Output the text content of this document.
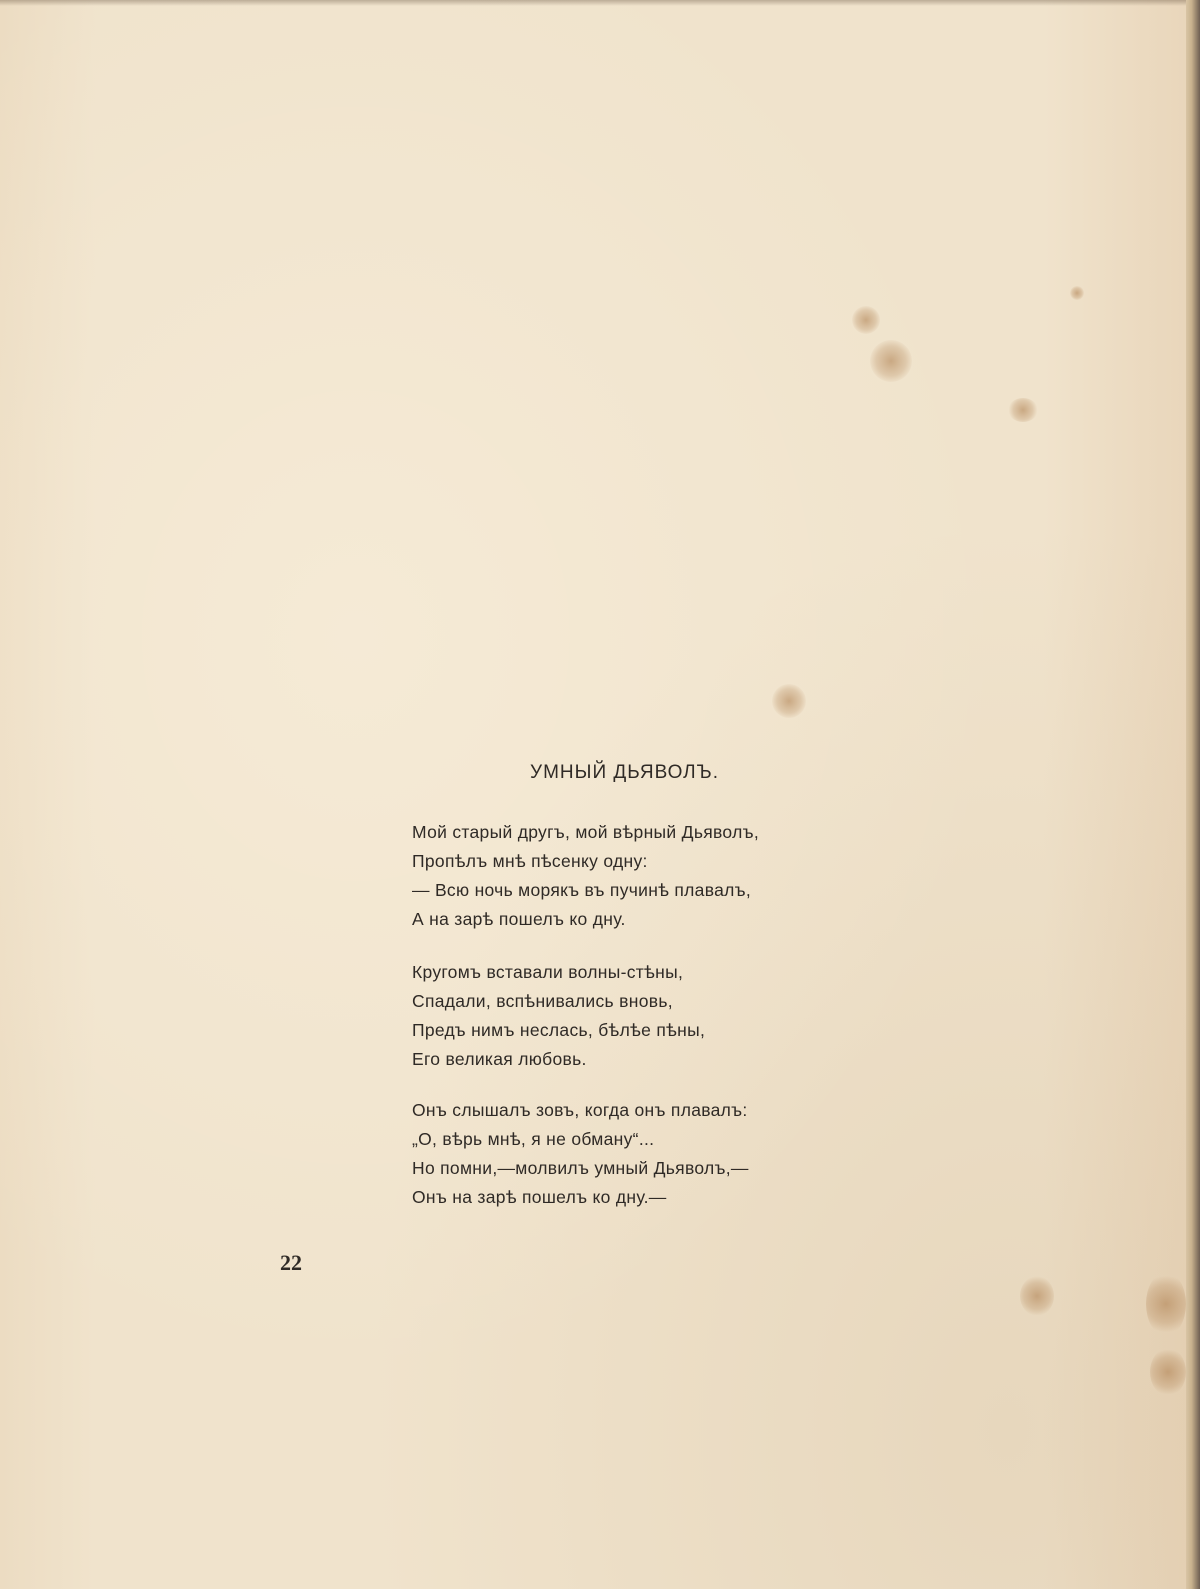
УМНЫЙ ДЬЯВОЛЪ.
Мой старый другъ, мой вѣрный Дьяволъ,
Пропѣлъ мнѣ пѣсенку одну:
— Всю ночь морякъ въ пучинѣ плавалъ,
А на зарѣ пошелъ ко дну.
Кругомъ вставали волны-стѣны,
Спадали, вспѣнивались вновь,
Предъ нимъ неслась, бѣлѣе пѣны,
Его великая любовь.
Онъ слышалъ зовъ, когда онъ плавалъ:
„О, вѣрь мнѣ, я не обману“...
Но помни,—молвилъ умный Дьяволъ,—
Онъ на зарѣ пошелъ ко дну.—
22
